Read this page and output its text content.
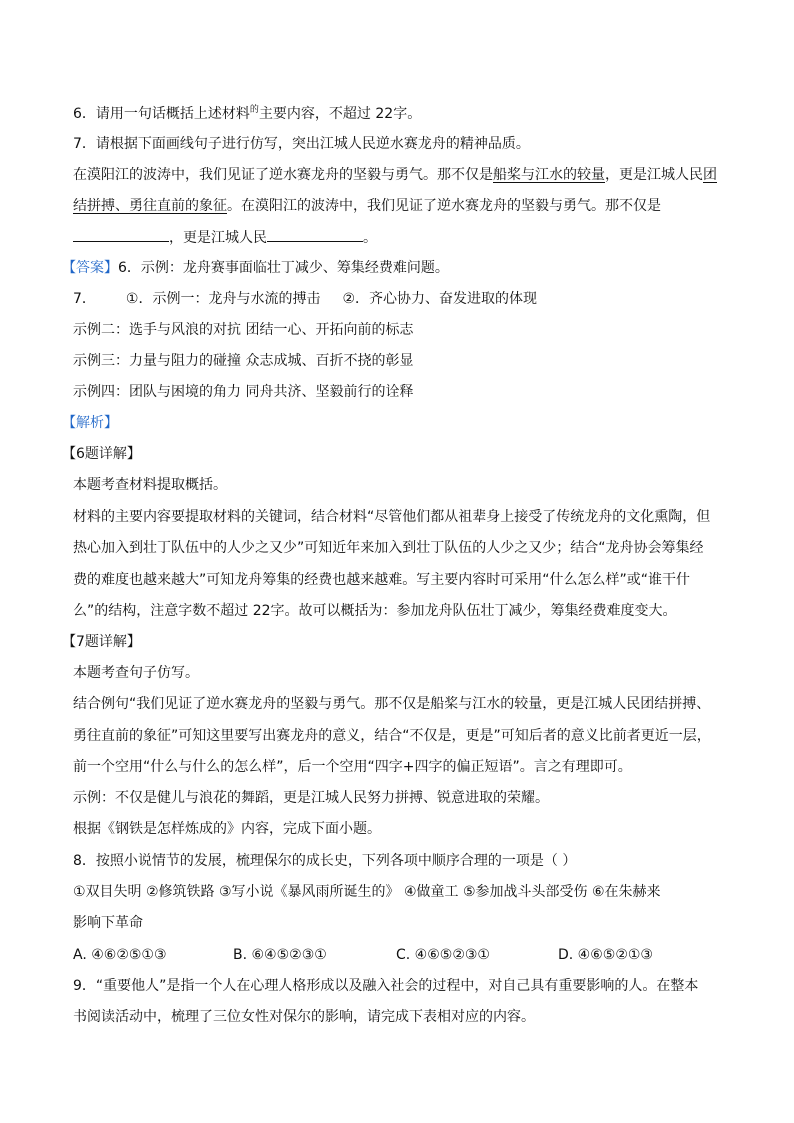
6．请用一句话概括上述材料$^的$主要内容，不超过 22字。
7．请根据下面画线句子进行仿写，突出江城人民逆水赛龙舟的精神品质。
在漠阳江的波涛中，我们见证了逆水赛龙舟的坚毅与勇气。那不仅是船桨与江水的较量，更是江城人民团
结拼搏、勇往直前的象征。在漠阳江的波涛中，我们见证了逆水赛龙舟的坚毅与勇气。那不仅是
，更是江城人民	。
【答案】6．示例：龙舟赛事面临壮丁减少、筹集经费难问题。
7． ①．示例一：龙舟与水流的搏击 ②．齐心协力、奋发进取的体现
示例二：选手与风浪的对抗 团结一心、开拓向前的标志
示例三：力量与阻力的碰撞 众志成城、百折不挠的彰显
示例四：团队与困境的角力 同舟共济、坚毅前行的诠释
【解析】
【6题详解】
本题考查材料提取概括。
材料的主要内容要提取材料的关键词，结合材料“尽管他们都从祖辈身上接受了传统龙舟的文化熏陶，但
热心加入到壮丁队伍中的人少之又少”可知近年来加入到壮丁队伍的人少之又少；结合“龙舟协会筹集经
费的难度也越来越大”可知龙舟筹集的经费也越来越难。写主要内容时可采用“什么怎么样”或“谁干什
么”的结构，注意字数不超过 22字。故可以概括为：参加龙舟队伍壮丁减少，筹集经费难度变大。
【7题详解】
本题考查句子仿写。
结合例句“我们见证了逆水赛龙舟的坚毅与勇气。那不仅是船桨与江水的较量，更是江城人民团结拼搏、
勇往直前的象征”可知这里要写出赛龙舟的意义，结合“不仅是，更是”可知后者的意义比前者更近一层，
前一个空用“什么与什么的怎么样”，后一个空用“四字+四字的偏正短语”。言之有理即可。
示例：不仅是健儿与浪花的舞蹈，更是江城人民努力拼搏、锐意进取的荣耀。
根据《钢铁是怎样炼成的》内容，完成下面小题。
8．按照小说情节的发展，梳理保尔的成长史，下列各项中顺序合理的一项是（ ）
①双目失明 ②修筑铁路 ③写小说《暴风雨所诞生的》 ④做童工 ⑤参加战斗头部受伤 ⑥在朱赫来
影响下革命
A. ④⑥②⑤①③	B. ⑥④⑤②③①	C. ④⑥⑤②③①	D. ④⑥⑤②①③
9．“重要他人”是指一个人在心理人格形成以及融入社会的过程中，对自己具有重要影响的人。在整本
书阅读活动中，梳理了三位女性对保尔的影响，请完成下表相对应的内容。
